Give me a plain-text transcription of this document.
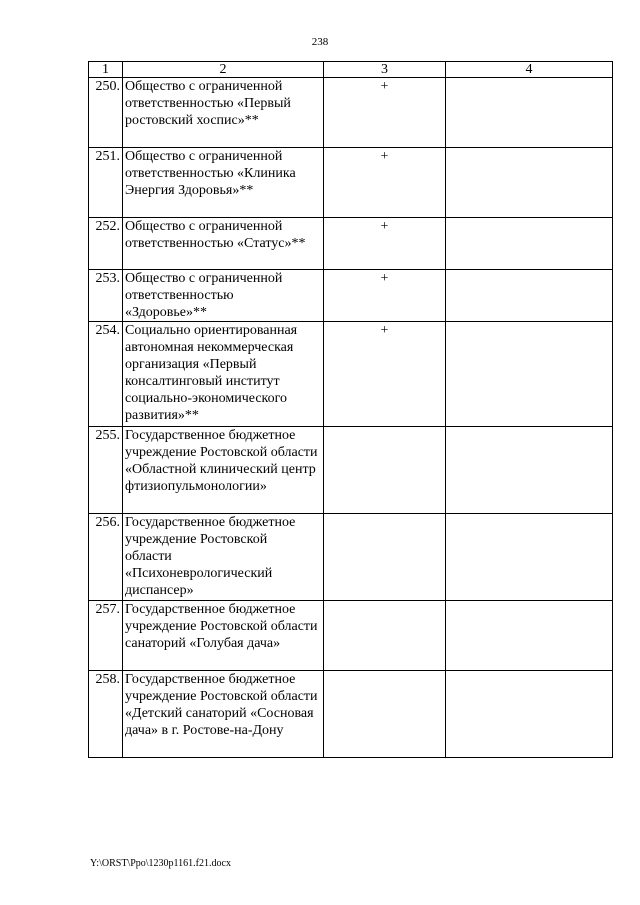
238
1	2	3	4
250.	Общество с ограниченной ответственностью «Первый ростовский хоспис»**	+	
251.	Общество с ограниченной ответственностью «Клиника Энергия Здоровья»**	+	
252.	Общество с ограниченной ответственностью «Статус»**	+	
253.	Общество с ограниченной ответственностью «Здоровье»**	+	
254.	Социально ориентированная автономная некоммерческая организация «Первый консалтинговый институт социально-экономического развития»**	+	
255.	Государственное бюджетное учреждение Ростовской области «Областной клинический центр фтизиопульмонологии»		
256.	Государственное бюджетное учреждение Ростовской области «Психоневрологический диспансер»		
257.	Государственное бюджетное учреждение Ростовской области санаторий «Голубая дача»		
258.	Государственное бюджетное учреждение Ростовской области «Детский санаторий «Сосновая дача» в г. Ростове-на-Дону		
Y:\ORST\Ppo\1230p1161.f21.docx
